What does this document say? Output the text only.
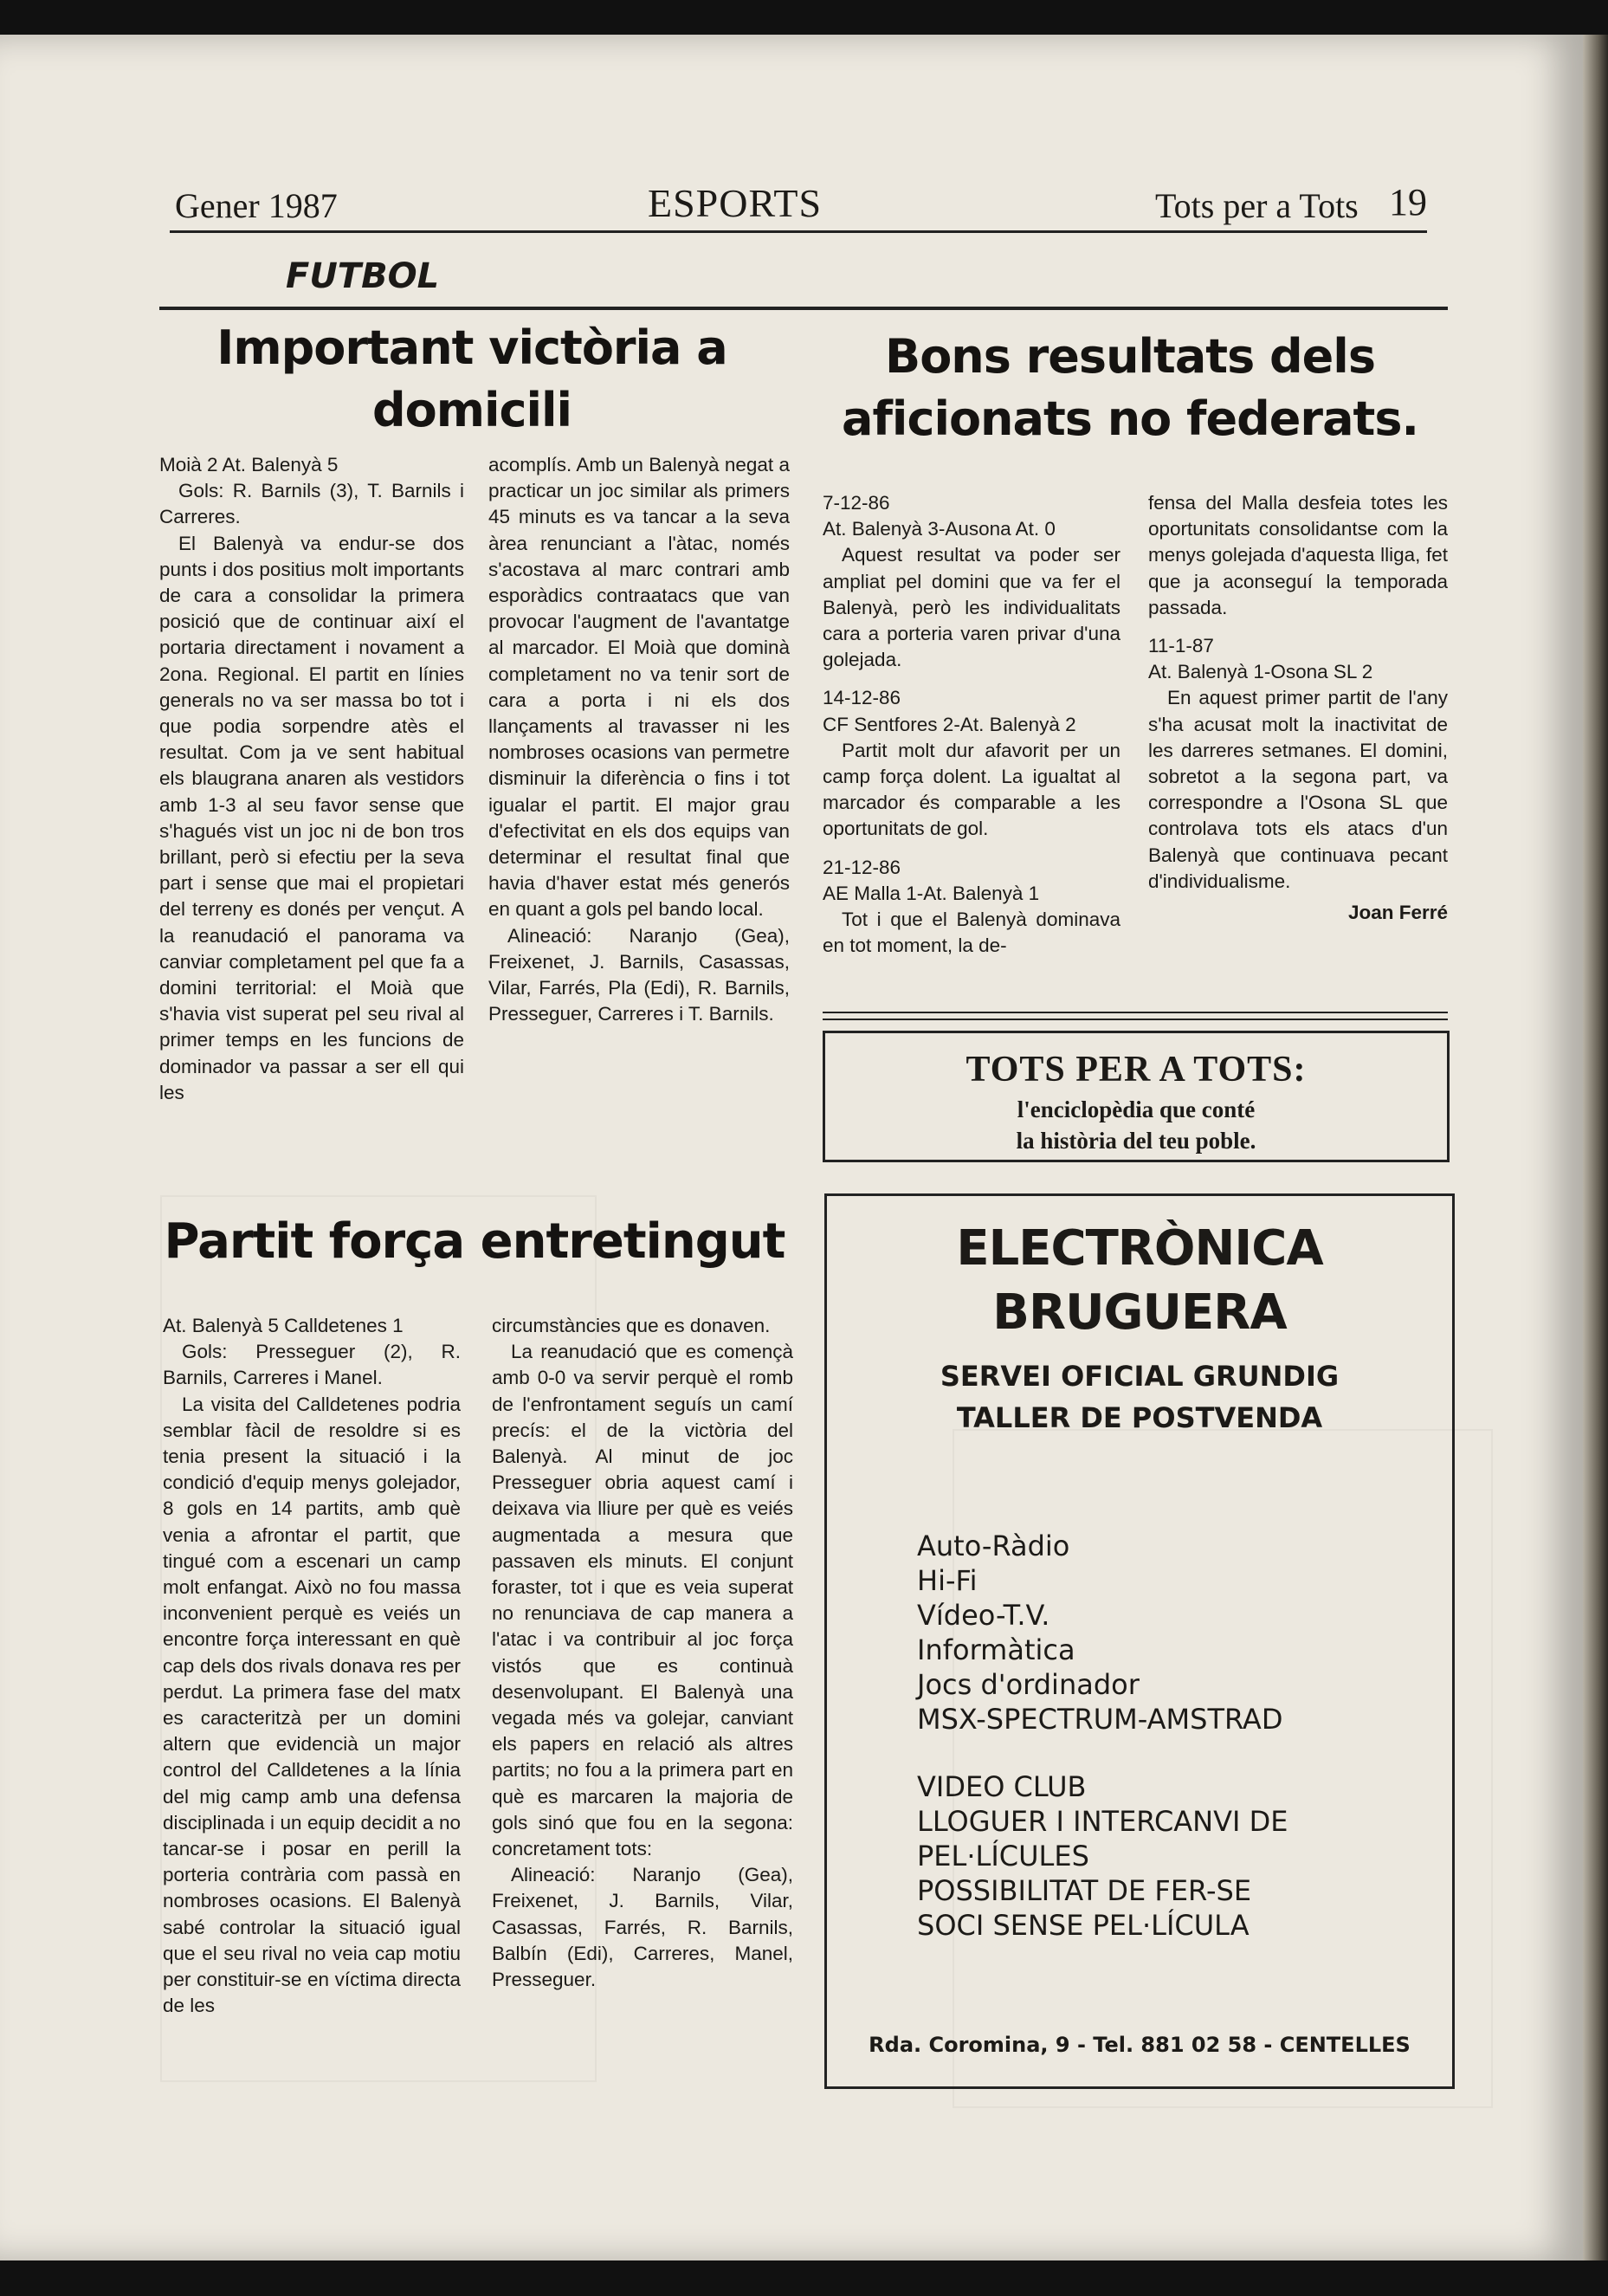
Gener 1987	ESPORTS	Tots per a Tots 19
FUTBOL
Important victòria a
domicili

Moià 2 At. Balenyà 5

Gols: R. Barnils (3), T. Barnils i Carreres.

El Balenyà va endur-se dos punts i dos positius molt importants de cara a consolidar la primera posició que de continuar així el portaria directament i novament a 2ona. Regional. El partit en línies generals no va ser massa bo tot i que podia sorpendre atès el resultat. Com ja ve sent habitual els blaugrana anaren als vestidors amb 1-3 al seu favor sense que s'hagués vist un joc ni de bon tros brillant, però si efectiu per la seva part i sense que mai el propietari del terreny es donés per vençut. A la reanudació el panorama va canviar completament pel que fa a domini territorial: el Moià que s'havia vist superat pel seu rival al primer temps en les funcions de dominador va passar a ser ell qui les

acomplís. Amb un Balenyà negat a practicar un joc similar als primers 45 minuts es va tancar a la seva àrea renunciant a l'àtac, només s'acostava al marc contrari amb esporàdics contraatacs que van provocar l'augment de l'avantatge al marcador. El Moià que dominà completament no va tenir sort de cara a porta i ni els dos llançaments al travasser ni les nombroses ocasions van permetre disminuir la diferència o fins i tot igualar el partit. El major grau d'efectivitat en els dos equips van determinar el resultat final que havia d'haver estat més generós en quant a gols pel bando local.

Alineació: Naranjo (Gea), Freixenet, J. Barnils, Casassas, Vilar, Farrés, Pla (Edi), R. Barnils, Presseguer, Carreres i T. Barnils.

Bons resultats dels
aficionats no federats.

7-12-86

At. Balenyà 3-Ausona At. 0

Aquest resultat va poder ser ampliat pel domini que va fer el Balenyà, però les individualitats cara a porteria varen privar d'una golejada.

14-12-86

CF Sentfores 2-At. Balenyà 2

Partit molt dur afavorit per un camp força dolent. La igualtat al marcador és comparable a les oportunitats de gol.

21-12-86

AE Malla 1-At. Balenyà 1

Tot i que el Balenyà dominava en tot moment, la de-

fensa del Malla desfeia totes les oportunitats consolidantse com la menys golejada d'aquesta lliga, fet que ja aconseguí la temporada passada.

11-1-87

At. Balenyà 1-Osona SL 2

En aquest primer partit de l'any s'ha acusat molt la inactivitat de les darreres setmanes. El domini, sobretot a la segona part, va correspondre a l'Osona SL que controlava tots els atacs d'un Balenyà que continuava pecant d'individualisme.

Joan Ferré
TOTS PER A TOTS:
l'enciclopèdia que conté
la història del teu poble.
Partit força entretingut

At. Balenyà 5 Calldetenes 1

Gols: Presseguer (2), R. Barnils, Carreres i Manel.

La visita del Calldetenes podria semblar fàcil de resoldre si es tenia present la situació i la condició d'equip menys golejador, 8 gols en 14 partits, amb què venia a afrontar el partit, que tingué com a escenari un camp molt enfangat. Això no fou massa inconvenient perquè es veiés un encontre força interessant en què cap dels dos rivals donava res per perdut. La primera fase del matx es caracteritzà per un domini altern que evidencià un major control del Calldetenes a la línia del mig camp amb una defensa disciplinada i un equip decidit a no tancar-se i posar en perill la porteria contrària com passà en nombroses ocasions. El Balenyà sabé controlar la situació igual que el seu rival no veia cap motiu per constituir-se en víctima directa de les

circumstàncies que es donaven.

La reanudació que es començà amb 0-0 va servir perquè el romb de l'enfrontament seguís un camí precís: el de la victòria del Balenyà. Al minut de joc Presseguer obria aquest camí i deixava via lliure per què es veiés augmentada a mesura que passaven els minuts. El conjunt foraster, tot i que es veia superat no renunciava de cap manera a l'atac i va contribuir al joc força vistós que es continuà desenvolupant. El Balenyà una vegada més va golejar, canviant els papers en relació als altres partits; no fou a la primera part en què es marcaren la majoria de gols sinó que fou en la segona: concretament tots:

Alineació: Naranjo (Gea), Freixenet, J. Barnils, Vilar, Casassas, Farrés, R. Barnils, Balbín (Edi), Carreres, Manel, Presseguer.

ELECTRÒNICA
BRUGUERA
SERVEI OFICIAL GRUNDIG
TALLER DE POSTVENDA
Auto-Ràdio
Hi-Fi
Vídeo-T.V.
Informàtica
Jocs d'ordinador
MSX-SPECTRUM-AMSTRAD
VIDEO CLUB
LLOGUER I INTERCANVI DE
PEL·LÍCULES
POSSIBILITAT DE FER-SE
SOCI SENSE PEL·LÍCULA
Rda. Coromina, 9 - Tel. 881 02 58 - CENTELLES
